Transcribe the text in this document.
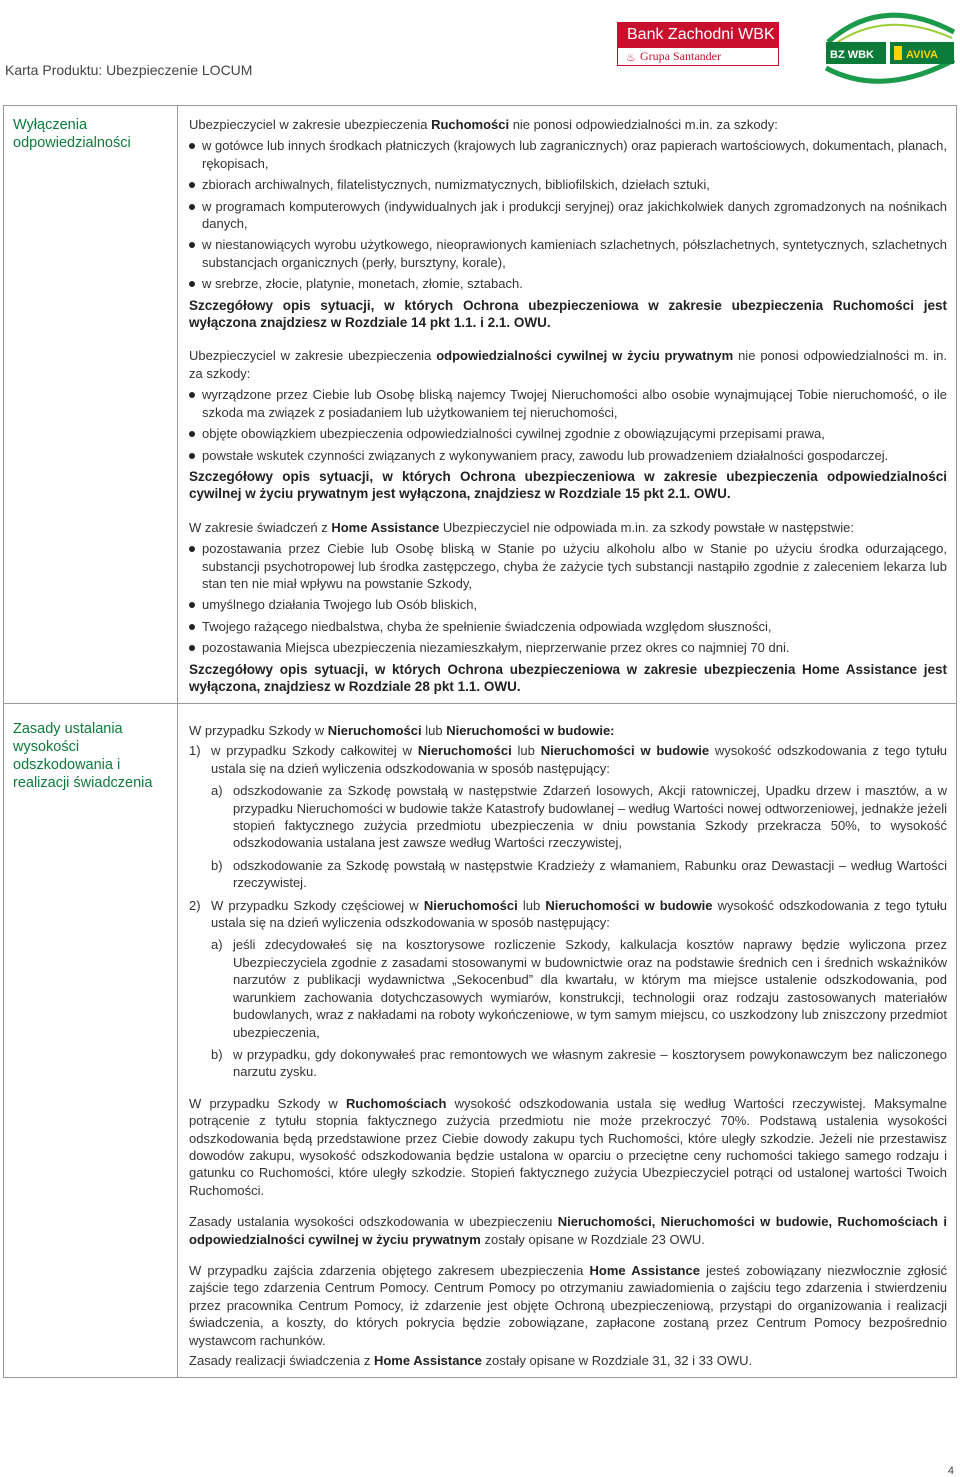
Karta Produktu: Ubezpieczenie LOCUM
Bank Zachodni WBK
♨ Grupa Santander	BZ WBK	AVIVA
Wyłączenia odpowiedzialności
Zasady ustalania wysokości odszkodowania i realizacji świadczenia

Ubezpieczyciel w zakresie ubezpieczenia Ruchomości nie ponosi odpowiedzialności m.in. za szkody:

w gotówce lub innych środkach płatniczych (krajowych lub zagranicznych) oraz papierach wartościowych, dokumentach, planach, rękopisach,
zbiorach archiwalnych, filatelistycznych, numizmatycznych, bibliofilskich, dziełach sztuki,
w programach komputerowych (indywidualnych jak i produkcji seryjnej) oraz jakichkolwiek danych zgromadzonych na nośnikach danych,
w niestanowiących wyrobu użytkowego, nieoprawionych kamieniach szlachetnych, półszlachetnych, syntetycznych, szlachetnych substancjach organicznych (perły, bursztyny, korale),
w srebrze, złocie, platynie, monetach, złomie, sztabach.

Szczegółowy opis sytuacji, w których Ochrona ubezpieczeniowa w zakresie ubezpieczenia Ruchomości jest wyłączona znajdziesz w Rozdziale 14 pkt 1.1. i 2.1. OWU.

Ubezpieczyciel w zakresie ubezpieczenia odpowiedzialności cywilnej w życiu prywatnym nie ponosi odpowiedzialności m. in. za szkody:

wyrządzone przez Ciebie lub Osobę bliską najemcy Twojej Nieruchomości albo osobie wynajmującej Tobie nieruchomość, o ile szkoda ma związek z posiadaniem lub użytkowaniem tej nieruchomości,
objęte obowiązkiem ubezpieczenia odpowiedzialności cywilnej zgodnie z obowiązującymi przepisami prawa,
powstałe wskutek czynności związanych z wykonywaniem pracy, zawodu lub prowadzeniem działalności gospodarczej.

Szczegółowy opis sytuacji, w których Ochrona ubezpieczeniowa w zakresie ubezpieczenia odpowiedzialności cywilnej w życiu prywatnym jest wyłączona, znajdziesz w Rozdziale 15 pkt 2.1. OWU.

W zakresie świadczeń z Home Assistance Ubezpieczyciel nie odpowiada m.in. za szkody powstałe w następstwie:

pozostawania przez Ciebie lub Osobę bliską w Stanie po użyciu alkoholu albo w Stanie po użyciu środka odurzającego, substancji psychotropowej lub środka zastępczego, chyba że zażycie tych substancji nastąpiło zgodnie z zaleceniem lekarza lub stan ten nie miał wpływu na powstanie Szkody,
umyślnego działania Twojego lub Osób bliskich,
Twojego rażącego niedbalstwa, chyba że spełnienie świadczenia odpowiada względom słuszności,
pozostawania Miejsca ubezpieczenia niezamieszkałym, nieprzerwanie przez okres co najmniej 70 dni.

Szczegółowy opis sytuacji, w których Ochrona ubezpieczeniowa w zakresie ubezpieczenia Home Assistance jest wyłączona, znajdziesz w Rozdziale 28 pkt 1.1. OWU.

W przypadku Szkody w Nieruchomości lub Nieruchomości w budowie:

1) w przypadku Szkody całkowitej w Nieruchomości lub Nieruchomości w budowie wysokość odszkodowania z tego tytułu ustala się na dzień wyliczenia odszkodowania w sposób następujący:
a) odszkodowanie za Szkodę powstałą w następstwie Zdarzeń losowych, Akcji ratowniczej, Upadku drzew i masztów, a w przypadku Nieruchomości w budowie także Katastrofy budowlanej – według Wartości nowej odtworzeniowej, jednakże jeżeli stopień faktycznego zużycia przedmiotu ubezpieczenia w dniu powstania Szkody przekracza 50%, to wysokość odszkodowania ustalana jest zawsze według Wartości rzeczywistej,
b) odszkodowanie za Szkodę powstałą w następstwie Kradzieży z włamaniem, Rabunku oraz Dewastacji – według Wartości rzeczywistej.
2) W przypadku Szkody częściowej w Nieruchomości lub Nieruchomości w budowie wysokość odszkodowania z tego tytułu ustala się na dzień wyliczenia odszkodowania w sposób następujący:
a) jeśli zdecydowałeś się na kosztorysowe rozliczenie Szkody, kalkulacja kosztów naprawy będzie wyliczona przez Ubezpieczyciela zgodnie z zasadami stosowanymi w budownictwie oraz na podstawie średnich cen i średnich wskaźników narzutów z publikacji wydawnictwa „Sekocenbud” dla kwartału, w którym ma miejsce ustalenie odszkodowania, pod warunkiem zachowania dotychczasowych wymiarów, konstrukcji, technologii oraz rodzaju zastosowanych materiałów budowlanych, wraz z nakładami na roboty wykończeniowe, w tym samym miejscu, co uszkodzony lub zniszczony przedmiot ubezpieczenia,
b) w przypadku, gdy dokonywałeś prac remontowych we własnym zakresie – kosztorysem powykonawczym bez naliczonego narzutu zysku.

W przypadku Szkody w Ruchomościach wysokość odszkodowania ustala się według Wartości rzeczywistej. Maksymalne potrącenie z tytułu stopnia faktycznego zużycia przedmiotu nie może przekroczyć 70%. Podstawą ustalenia wysokości odszkodowania będą przedstawione przez Ciebie dowody zakupu tych Ruchomości, które uległy szkodzie. Jeżeli nie przestawisz dowodów zakupu, wysokość odszkodowania będzie ustalona w oparciu o przeciętne ceny ruchomości takiego samego rodzaju i gatunku co Ruchomości, które uległy szkodzie. Stopień faktycznego zużycia Ubezpieczyciel potrąci od ustalonej wartości Twoich Ruchomości.

Zasady ustalania wysokości odszkodowania w ubezpieczeniu Nieruchomości, Nieruchomości w budowie, Ruchomościach i odpowiedzialności cywilnej w życiu prywatnym zostały opisane w Rozdziale 23 OWU.

W przypadku zajścia zdarzenia objętego zakresem ubezpieczenia Home Assistance jesteś zobowiązany niezwłocznie zgłosić zajście tego zdarzenia Centrum Pomocy. Centrum Pomocy po otrzymaniu zawiadomienia o zajściu tego zdarzenia i stwierdzeniu przez pracownika Centrum Pomocy, iż zdarzenie jest objęte Ochroną ubezpieczeniową, przystąpi do organizowania i realizacji świadczenia, a koszty, do których pokrycia będzie zobowiązane, zapłacone zostaną przez Centrum Pomocy bezpośrednio wystawcom rachunków.

Zasady realizacji świadczenia z Home Assistance zostały opisane w Rozdziale 31, 32 i 33 OWU.

4
